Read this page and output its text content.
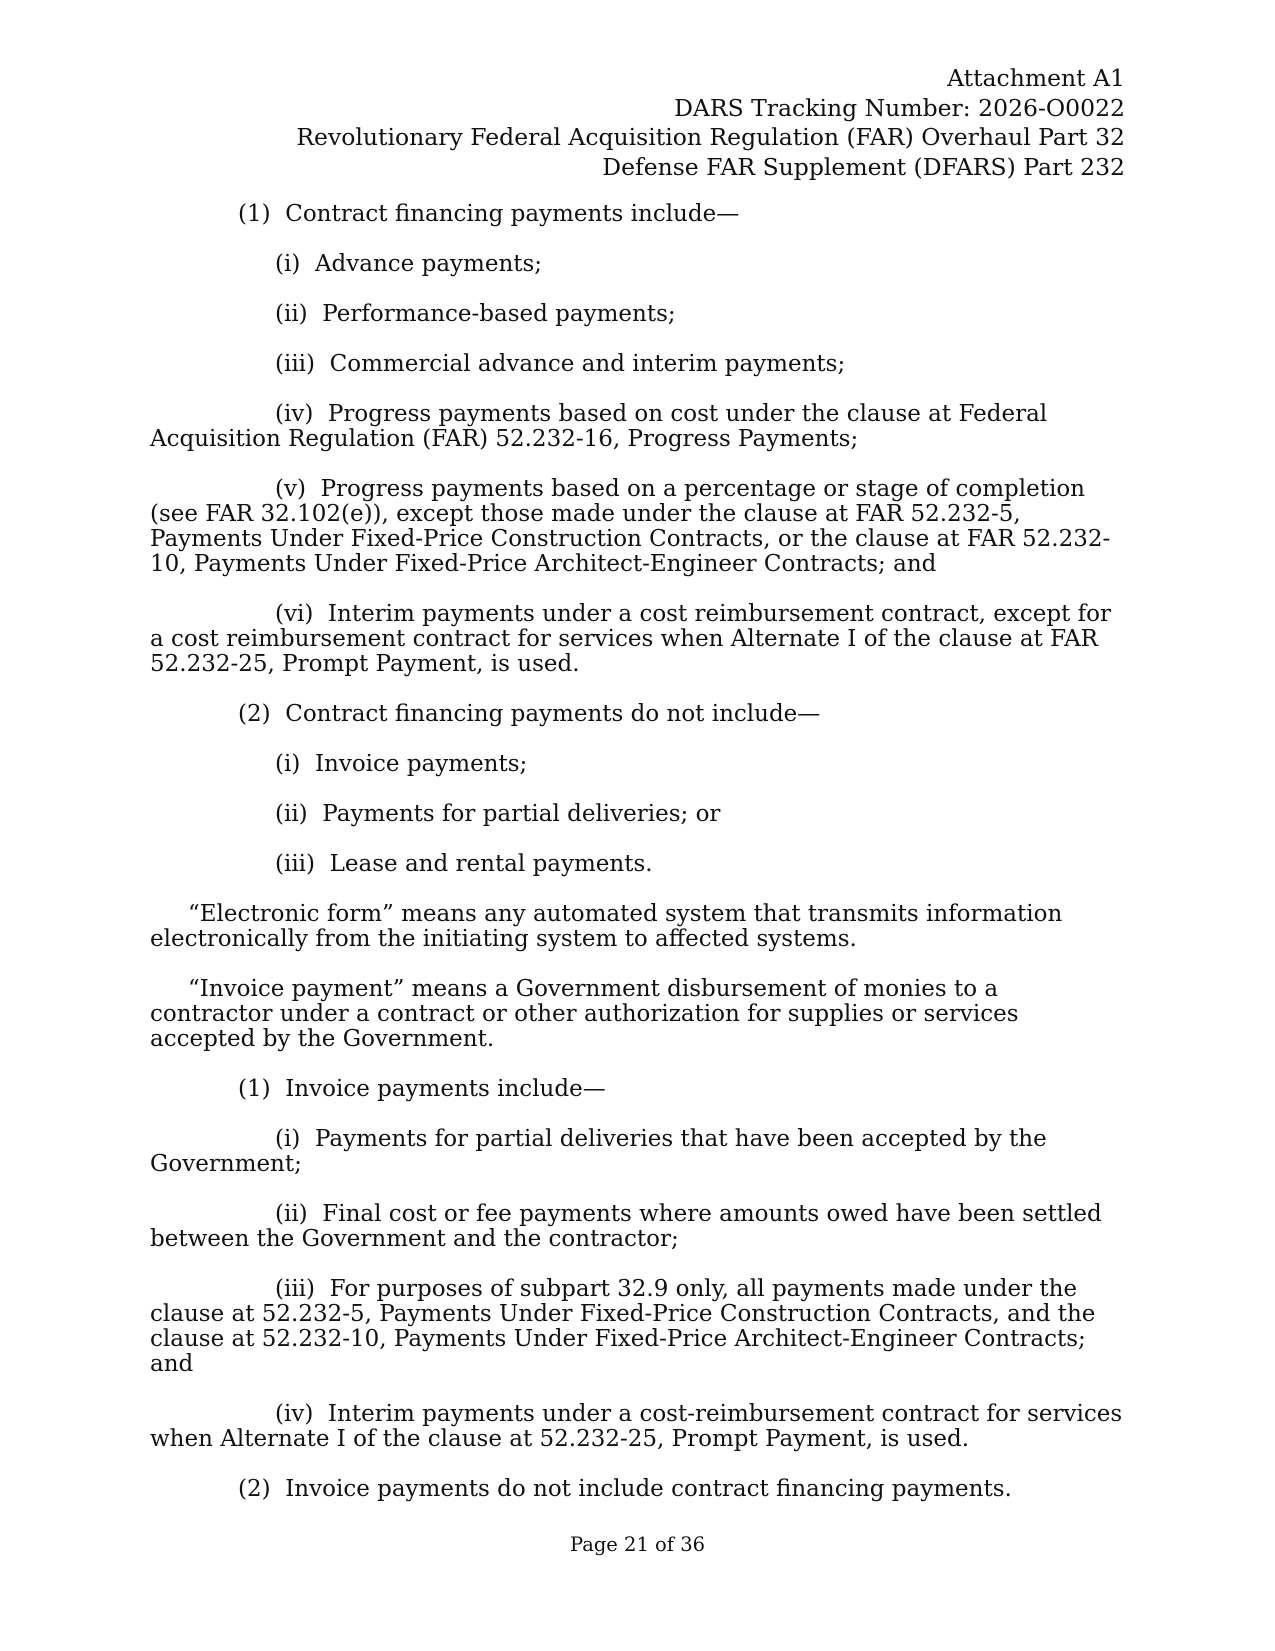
Attachment A1
DARS Tracking Number: 2026-O0022
Revolutionary Federal Acquisition Regulation (FAR) Overhaul Part 32
Defense FAR Supplement (DFARS) Part 232

(1) Contract financing payments include—

(i) Advance payments;

(ii) Performance-based payments;

(iii) Commercial advance and interim payments;

(iv) Progress payments based on cost under the clause at Federal Acquisition Regulation (FAR) 52.232-16, Progress Payments;

(v) Progress payments based on a percentage or stage of completion (see FAR 32.102(e)), except those made under the clause at FAR 52.232-5, Payments Under Fixed-Price Construction Contracts, or the clause at FAR 52.232-10, Payments Under Fixed-Price Architect-Engineer Contracts; and

(vi) Interim payments under a cost reimbursement contract, except for a cost reimbursement contract for services when Alternate I of the clause at FAR 52.232-25, Prompt Payment, is used.

(2) Contract financing payments do not include—

(i) Invoice payments;

(ii) Payments for partial deliveries; or

(iii) Lease and rental payments.

“Electronic form” means any automated system that transmits information electronically from the initiating system to affected systems.

“Invoice payment” means a Government disbursement of monies to a contractor under a contract or other authorization for supplies or services accepted by the Government.

(1) Invoice payments include—

(i) Payments for partial deliveries that have been accepted by the Government;

(ii) Final cost or fee payments where amounts owed have been settled between the Government and the contractor;

(iii) For purposes of subpart 32.9 only, all payments made under the clause at 52.232-5, Payments Under Fixed-Price Construction Contracts, and the clause at 52.232-10, Payments Under Fixed-Price Architect-Engineer Contracts; and

(iv) Interim payments under a cost-reimbursement contract for services when Alternate I of the clause at 52.232-25, Prompt Payment, is used.

(2) Invoice payments do not include contract financing payments.

Page 21 of 36
